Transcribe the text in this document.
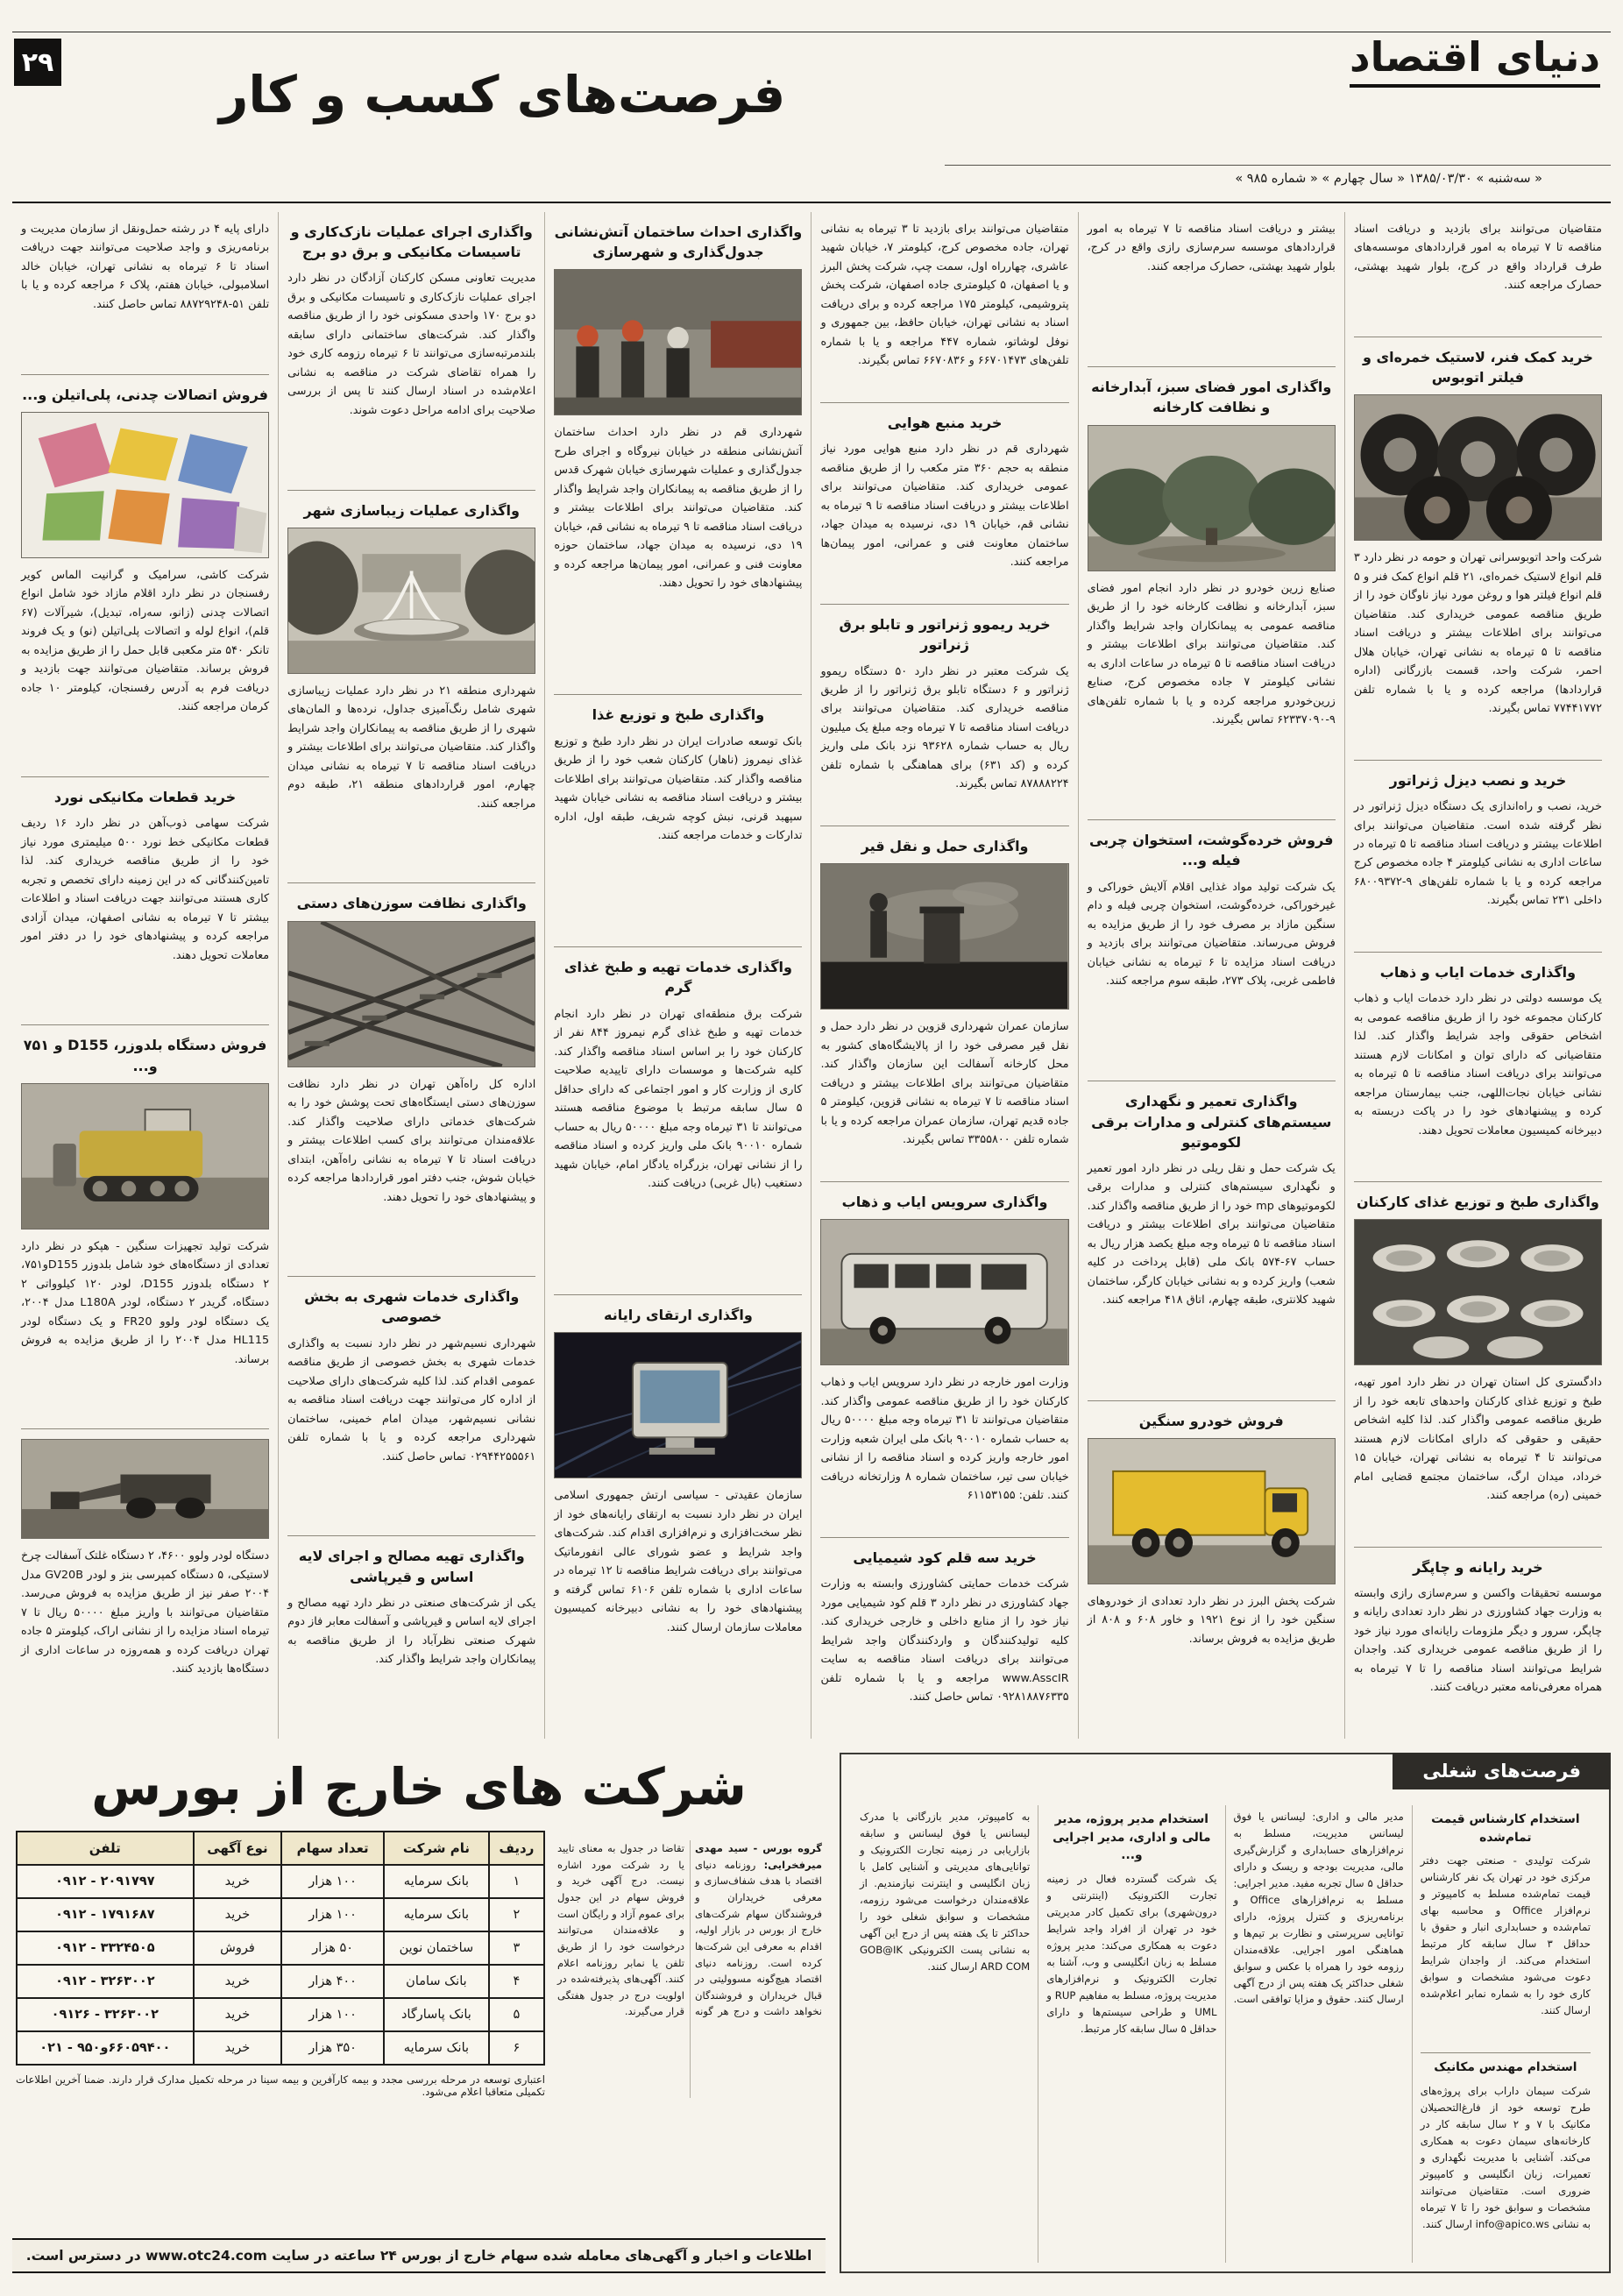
۲۹	دنیای اقتصاد
فرصت‌های کسب و کار
« سه‌شنبه » ۱۳۸۵/۰۳/۳۰ « سال چهارم » « شماره ۹۸۵ »

متقاضیان می‌توانند برای بازدید و دریافت اسناد مناقصه تا ۷ تیرماه به امور قراردادهای موسسه‌های طرف قرارداد واقع در کرج، بلوار شهید بهشتی، حصارک مراجعه کنند.

خرید کمک فنر، لاستیک خمره‌ای و فیلتر اتوبوس

شرکت واحد اتوبوسرانی تهران و حومه در نظر دارد ۳ قلم انواع لاستیک خمره‌ای، ۲۱ قلم انواع کمک فنر و ۵ قلم انواع فیلتر هوا و روغن مورد نیاز ناوگان خود را از طریق مناقصه عمومی خریداری کند. متقاضیان می‌توانند برای اطلاعات بیشتر و دریافت اسناد مناقصه تا ۵ تیرماه به نشانی تهران، خیابان هلال احمر، شرکت واحد، قسمت بازرگانی (اداره قراردادها) مراجعه کرده و یا با شماره تلفن ۷۷۴۴۱۷۷۲ تماس بگیرند.

خرید و نصب دیزل ژنراتور

خرید، نصب و راه‌اندازی یک دستگاه دیزل ژنراتور در نظر گرفته شده است. متقاضیان می‌توانند برای اطلاعات بیشتر و دریافت اسناد مناقصه تا ۵ تیرماه در ساعات اداری به نشانی کیلومتر ۴ جاده مخصوص کرج مراجعه کرده و یا با شماره تلفن‌های ۹-۶۸۰۰۹۳۷۲ داخلی ۲۳۱ تماس بگیرند.

واگذاری خدمات ایاب و ذهاب

یک موسسه دولتی در نظر دارد خدمات ایاب و ذهاب کارکنان مجموعه خود را از طریق مناقصه عمومی به اشخاص حقوقی واجد شرایط واگذار کند. لذا متقاضیانی که دارای توان و امکانات لازم هستند می‌توانند برای دریافت اسناد مناقصه تا ۵ تیرماه به نشانی خیابان نجات‌اللهی، جنب بیمارستان مراجعه کرده و پیشنهادهای خود را در پاکت دربسته به دبیرخانه کمیسیون معاملات تحویل دهند.

واگذاری طبخ و توزیع غذای کارکنان

دادگستری کل استان تهران در نظر دارد امور تهیه، طبخ و توزیع غذای کارکنان واحدهای تابعه خود را از طریق مناقصه عمومی واگذار کند. لذا کلیه اشخاص حقیقی و حقوقی که دارای امکانات لازم هستند می‌توانند تا ۴ تیرماه به نشانی تهران، خیابان ۱۵ خرداد، میدان ارگ، ساختمان مجتمع قضایی امام خمینی (ره) مراجعه کنند.

خرید رایانه و چاپگر

موسسه تحقیقات واکسن و سرم‌سازی رازی وابسته به وزارت جهاد کشاورزی در نظر دارد تعدادی رایانه و چاپگر، سرور و دیگر ملزومات رایانه‌ای مورد نیاز خود را از طریق مناقصه عمومی خریداری کند. واجدان شرایط می‌توانند اسناد مناقصه را تا ۷ تیرماه به همراه معرفی‌نامه معتبر دریافت کنند.

بیشتر و دریافت اسناد مناقصه تا ۷ تیرماه به امور قراردادهای موسسه سرم‌سازی رازی واقع در کرج، بلوار شهید بهشتی، حصارک مراجعه کنند.

واگذاری امور فضای سبز، آبدارخانه و نظافت کارخانه

صنایع زرین خودرو در نظر دارد انجام امور فضای سبز، آبدارخانه و نظافت کارخانه خود را از طریق مناقصه عمومی به پیمانکاران واجد شرایط واگذار کند. متقاضیان می‌توانند برای اطلاعات بیشتر و دریافت اسناد مناقصه تا ۵ تیرماه در ساعات اداری به نشانی کیلومتر ۷ جاده مخصوص کرج، صنایع زرین‌خودرو مراجعه کرده و یا با شماره تلفن‌های ۹-۶۲۳۳۷۰۹۰ تماس بگیرند.

فروش خرده‌گوشت، استخوان چربی فیله و...

یک شرکت تولید مواد غذایی اقلام آلایش خوراکی و غیرخوراکی، خرده‌گوشت، استخوان چربی فیله و دام سنگین مازاد بر مصرف خود را از طریق مزایده به فروش می‌رساند. متقاضیان می‌توانند برای بازدید و دریافت اسناد مزایده تا ۶ تیرماه به نشانی خیابان فاطمی غربی، پلاک ۲۷۳، طبقه سوم مراجعه کنند.

واگذاری تعمیر و نگهداری سیستم‌های کنترلی و مدارات برقی لکوموتیو

یک شرکت حمل و نقل ریلی در نظر دارد امور تعمیر و نگهداری سیستم‌های کنترلی و مدارات برقی لکوموتیوهای mp خود را از طریق مناقصه واگذار کند. متقاضیان می‌توانند برای اطلاعات بیشتر و دریافت اسناد مناقصه تا ۵ تیرماه وجه مبلغ یکصد هزار ریال به حساب ۶۷-۵۷۴ بانک ملی (قابل پرداخت در کلیه شعب) واریز کرده و به نشانی خیابان کارگر، ساختمان شهید کلانتری، طبقه چهارم، اتاق ۴۱۸ مراجعه کنند.

فروش خودرو سنگین

شرکت پخش البرز در نظر دارد تعدادی از خودروهای سنگین خود را از نوع ۱۹۲۱ و خاور ۶۰۸ و ۸۰۸ از طریق مزایده به فروش برساند.

متقاضیان می‌توانند برای بازدید تا ۳ تیرماه به نشانی تهران، جاده مخصوص کرج، کیلومتر ۷، خیابان شهید عاشری، چهارراه اول، سمت چپ، شرکت پخش البرز و یا اصفهان، ۵ کیلومتری جاده اصفهان، شرکت پخش پتروشیمی، کیلومتر ۱۷۵ مراجعه کرده و برای دریافت اسناد به نشانی تهران، خیابان حافظ، بین جمهوری و نوفل لوشاتو، شماره ۴۴۷ مراجعه و یا با شماره تلفن‌های ۶۶۷۰۱۴۷۳ و ۶۶۷۰۸۳۶ تماس بگیرند.

خرید منبع هوایی

شهرداری قم در نظر دارد منبع هوایی مورد نیاز منطقه به حجم ۳۶۰ متر مکعب را از طریق مناقصه عمومی خریداری کند. متقاضیان می‌توانند برای اطلاعات بیشتر و دریافت اسناد مناقصه تا ۹ تیرماه به نشانی قم، خیابان ۱۹ دی، نرسیده به میدان جهاد، ساختمان معاونت فنی و عمرانی، امور پیمان‌ها مراجعه کنند.

خرید ریموو ژنراتور و تابلو برق ژنراتور

یک شرکت معتبر در نظر دارد ۵۰ دستگاه ریموو ژنراتور و ۶ دستگاه تابلو برق ژنراتور را از طریق مناقصه خریداری کند. متقاضیان می‌توانند برای دریافت اسناد مناقصه تا ۷ تیرماه وجه مبلغ یک میلیون ریال به حساب شماره ۹۳۶۲۸ نزد بانک ملی واریز کرده و (کد ۶۳۱) برای هماهنگی با شماره تلفن ۸۷۸۸۸۲۲۴ تماس بگیرند.

واگذاری حمل و نقل قیر

سازمان عمران شهرداری قزوین در نظر دارد حمل و نقل قیر مصرفی خود را از پالایشگاه‌های کشور به محل کارخانه آسفالت این سازمان واگذار کند. متقاضیان می‌توانند برای اطلاعات بیشتر و دریافت اسناد مناقصه تا ۷ تیرماه به نشانی قزوین، کیلومتر ۵ جاده قدیم تهران، سازمان عمران مراجعه کرده و یا با شماره تلفن ۳۳۵۵۸۰۰ تماس بگیرند.

واگذاری سرویس ایاب و ذهاب

وزارت امور خارجه در نظر دارد سرویس ایاب و ذهاب کارکنان خود را از طریق مناقصه عمومی واگذار کند. متقاضیان می‌توانند تا ۳۱ تیرماه وجه مبلغ ۵۰۰۰۰ ریال به حساب شماره ۹۰۰۱۰ بانک ملی ایران شعبه وزارت امور خارجه واریز کرده و اسناد مناقصه را از نشانی خیابان سی تیر، ساختمان شماره ۸ وزارتخانه دریافت کنند. تلفن: ۶۱۱۵۳۱۵۵

خرید سه قلم کود شیمیایی

شرکت خدمات حمایتی کشاورزی وابسته به وزارت جهاد کشاورزی در نظر دارد ۳ قلم کود شیمیایی مورد نیاز خود را از منابع داخلی و خارجی خریداری کند. کلیه تولیدکنندگان و واردکنندگان واجد شرایط می‌توانند برای دریافت اسناد مناقصه به سایت www.AsscIR مراجعه و یا با شماره تلفن ۰۹۲۸۱۸۸۷۶۳۳۵ تماس حاصل کنند.

واگذاری احداث ساختمان آتش‌نشانی جدول‌گذاری و شهرسازی

شهرداری قم در نظر دارد احداث ساختمان آتش‌نشانی منطقه در خیابان نیروگاه و اجرای طرح جدول‌گذاری و عملیات شهرسازی خیابان شهرک قدس را از طریق مناقصه به پیمانکاران واجد شرایط واگذار کند. متقاضیان می‌توانند برای اطلاعات بیشتر و دریافت اسناد مناقصه تا ۹ تیرماه به نشانی قم، خیابان ۱۹ دی، نرسیده به میدان جهاد، ساختمان حوزه معاونت فنی و عمرانی، امور پیمان‌ها مراجعه کرده و پیشنهادهای خود را تحویل دهند.

واگذاری طبخ و توزیع غذا

بانک توسعه صادرات ایران در نظر دارد طبخ و توزیع غذای نیمروز (ناهار) کارکنان شعب خود را از طریق مناقصه واگذار کند. متقاضیان می‌توانند برای اطلاعات بیشتر و دریافت اسناد مناقصه به نشانی خیابان شهید سپهبد قرنی، نبش کوچه شریف، طبقه اول، اداره تدارکات و خدمات مراجعه کنند.

واگذاری خدمات تهیه و طبخ غذای گرم

شرکت برق منطقه‌ای تهران در نظر دارد انجام خدمات تهیه و طبخ غذای گرم نیمروز ۸۴۴ نفر از کارکنان خود را بر اساس اسناد مناقصه واگذار کند. کلیه شرکت‌ها و موسسات دارای تاییدیه صلاحیت کاری از وزارت کار و امور اجتماعی که دارای حداقل ۵ سال سابقه مرتبط با موضوع مناقصه هستند می‌توانند تا ۳۱ تیرماه وجه مبلغ ۵۰۰۰۰ ریال به حساب شماره ۹۰۰۱۰ بانک ملی واریز کرده و اسناد مناقصه را از نشانی تهران، بزرگراه یادگار امام، خیابان شهید دستغیب (بال غربی) دریافت کنند.

واگذاری ارتقای رایانه

سازمان عقیدتی - سیاسی ارتش جمهوری اسلامی ایران در نظر دارد نسبت به ارتقای رایانه‌های خود از نظر سخت‌افزاری و نرم‌افزاری اقدام کند. شرکت‌های واجد شرایط و عضو شورای عالی انفورماتیک می‌توانند برای دریافت شرایط مناقصه تا ۱۲ تیرماه در ساعات اداری با شماره تلفن ۶۱۰۶ تماس گرفته و پیشنهادهای خود را به نشانی دبیرخانه کمیسیون معاملات سازمان ارسال کنند.

واگذاری اجرای عملیات نازک‌کاری و تاسیسات مکانیکی و برق دو برج

مدیریت تعاونی مسکن کارکنان آزادگان در نظر دارد اجرای عملیات نازک‌کاری و تاسیسات مکانیکی و برق دو برج ۱۷۰ واحدی مسکونی خود را از طریق مناقصه واگذار کند. شرکت‌های ساختمانی دارای سابقه بلندمرتبه‌سازی می‌توانند تا ۶ تیرماه رزومه کاری خود را همراه تقاضای شرکت در مناقصه به نشانی اعلام‌شده در اسناد ارسال کنند تا پس از بررسی صلاحیت برای ادامه مراحل دعوت شوند.

واگذاری عملیات زیباسازی شهر

شهرداری منطقه ۲۱ در نظر دارد عملیات زیباسازی شهری شامل رنگ‌آمیزی جداول، نرده‌ها و المان‌های شهری را از طریق مناقصه به پیمانکاران واجد شرایط واگذار کند. متقاضیان می‌توانند برای اطلاعات بیشتر و دریافت اسناد مناقصه تا ۷ تیرماه به نشانی میدان چهارم، امور قراردادهای منطقه ۲۱، طبقه دوم مراجعه کنند.

واگذاری نظافت سوزن‌های دستی

اداره کل راه‌آهن تهران در نظر دارد نظافت سوزن‌های دستی ایستگاه‌های تحت پوشش خود را به شرکت‌های خدماتی دارای صلاحیت واگذار کند. علاقه‌مندان می‌توانند برای کسب اطلاعات بیشتر و دریافت اسناد تا ۷ تیرماه به نشانی راه‌آهن، ابتدای خیابان شوش، جنب دفتر امور قراردادها مراجعه کرده و پیشنهادهای خود را تحویل دهند.

واگذاری خدمات شهری به بخش خصوصی

شهرداری نسیم‌شهر در نظر دارد نسبت به واگذاری خدمات شهری به بخش خصوصی از طریق مناقصه عمومی اقدام کند. لذا کلیه شرکت‌های دارای صلاحیت از اداره کار می‌توانند جهت دریافت اسناد مناقصه به نشانی نسیم‌شهر، میدان امام خمینی، ساختمان شهرداری مراجعه کرده و یا با شماره تلفن ۰۲۹۴۴۲۵۵۵۶۱ تماس حاصل کنند.

واگذاری تهیه مصالح و اجرای لایه اساس و قیرپاشی

یکی از شرکت‌های صنعتی در نظر دارد تهیه مصالح و اجرای لایه اساس و قیرپاشی و آسفالت معابر فاز دوم شهرک صنعتی نظرآباد را از طریق مناقصه به پیمانکاران واجد شرایط واگذار کند.

دارای پایه ۴ در رشته حمل‌ونقل از سازمان مدیریت و برنامه‌ریزی و واجد صلاحیت می‌توانند جهت دریافت اسناد تا ۶ تیرماه به نشانی تهران، خیابان خالد اسلامبولی، خیابان هفتم، پلاک ۶ مراجعه کرده و یا با تلفن ۵۱-۸۸۷۲۹۲۴۸ تماس حاصل کنند.

فروش اتصالات چدنی، پلی‌اتیلن و...

شرکت کاشی، سرامیک و گرانیت الماس کویر رفسنجان در نظر دارد اقلام مازاد خود شامل انواع اتصالات چدنی (زانو، سه‌راه، تبدیل)، شیرآلات (۶۷ قلم)، انواع لوله و اتصالات پلی‌اتیلن (نو) و یک فروند تانکر ۵۴۰ متر مکعبی قابل حمل را از طریق مزایده به فروش برساند. متقاضیان می‌توانند جهت بازدید و دریافت فرم به آدرس رفسنجان، کیلومتر ۱۰ جاده کرمان مراجعه کنند.

خرید قطعات مکانیکی نورد

شرکت سهامی ذوب‌آهن در نظر دارد ۱۶ ردیف قطعات مکانیکی خط نورد ۵۰۰ میلیمتری مورد نیاز خود را از طریق مناقصه خریداری کند. لذا تامین‌کنندگانی که در این زمینه دارای تخصص و تجربه کاری هستند می‌توانند جهت دریافت اسناد و اطلاعات بیشتر تا ۷ تیرماه به نشانی اصفهان، میدان آزادی مراجعه کرده و پیشنهادهای خود را در دفتر امور معاملات تحویل دهند.

فروش دستگاه بلدوزر، D155 و ۷۵۱ و...

شرکت تولید تجهیزات سنگین - هپکو در نظر دارد تعدادی از دستگاه‌های خود شامل بلدوزر D155و۷۵۱، ۲ دستگاه بلدوزر D155، لودر ۱۲۰ کیلوواتی ۲ دستگاه، گریدر ۲ دستگاه، لودر L180A مدل ۲۰۰۴، یک دستگاه لودر ولوو FR20 و یک دستگاه لودر HL115 مدل ۲۰۰۴ را از طریق مزایده به فروش برساند.

دستگاه لودر ولوو ۴۶۰۰، ۲ دستگاه غلتک آسفالت چرخ لاستیکی، ۵ دستگاه کمپرسی بنز و لودر GV20B مدل ۲۰۰۴ صفر نیز از طریق مزایده به فروش می‌رسد. متقاضیان می‌توانند با واریز مبلغ ۵۰۰۰۰ ریال تا ۷ تیرماه اسناد مزایده را از نشانی اراک، کیلومتر ۵ جاده تهران دریافت کرده و همه‌روزه در ساعات اداری از دستگاه‌ها بازدید کنند.

فرصت‌های شغلی
استخدام کارشناس قیمت تمام‌شده

شرکت تولیدی - صنعتی جهت دفتر مرکزی خود در تهران یک نفر کارشناس قیمت تمام‌شده مسلط به کامپیوتر و نرم‌افزار Office و محاسبه بهای تمام‌شده و حسابداری انبار و حقوق با حداقل ۳ سال سابقه کار مرتبط استخدام می‌کند. از واجدان شرایط دعوت می‌شود مشخصات و سوابق کاری خود را به شماره نمابر اعلام‌شده ارسال کنند.

استخدام مهندس مکانیک

شرکت سیمان داراب برای پروژه‌های طرح توسعه خود از فارغ‌التحصیلان مکانیک با ۷ و ۲ سال سابقه کار در کارخانه‌های سیمان دعوت به همکاری می‌کند. آشنایی با مدیریت نگهداری و تعمیرات، زبان انگلیسی و کامپیوتر ضروری است. متقاضیان می‌توانند مشخصات و سوابق خود را تا ۷ تیرماه به نشانی info@apico.ws ارسال کنند.

مدیر مالی و اداری: لیسانس یا فوق لیسانس مدیریت، مسلط به نرم‌افزارهای حسابداری و گزارش‌گیری مالی، مدیریت بودجه و ریسک و دارای حداقل ۵ سال تجربه مفید. مدیر اجرایی: مسلط به نرم‌افزارهای Office و برنامه‌ریزی و کنترل پروژه، دارای توانایی سرپرستی و نظارت بر تیم‌ها و هماهنگی امور اجرایی. علاقه‌مندان رزومه خود را همراه با عکس و سوابق شغلی حداکثر یک هفته پس از درج آگهی ارسال کنند. حقوق و مزایا توافقی است.

استخدام مدیر پروژه، مدیر مالی و اداری، مدیر اجرایی و...

یک شرکت گسترده فعال در زمینه تجارت الکترونیک (اینترنتی و درون‌شهری) برای تکمیل کادر مدیریتی خود در تهران از افراد واجد شرایط دعوت به همکاری می‌کند: مدیر پروژه مسلط به زبان انگلیسی و وب، آشنا به تجارت الکترونیک و نرم‌افزارهای مدیریت پروژه، مسلط به مفاهیم RUP و UML و طراحی سیستم‌ها و دارای حداقل ۵ سال سابقه کار مرتبط.

به کامپیوتر، مدیر بازرگانی با مدرک لیسانس یا فوق لیسانس و سابقه بازاریابی در زمینه تجارت الکترونیک و توانایی‌های مدیریتی و آشنایی کامل با زبان انگلیسی و اینترنت نیازمندیم. از علاقه‌مندان درخواست می‌شود رزومه، مشخصات و سوابق شغلی خود را حداکثر تا یک هفته پس از درج این آگهی به نشانی پست الکترونیکی GOB@IK ARD COM ارسال کنند.

شرکت های خارج از بورس

گروه بورس - سید مهدی میرفخرایی: روزنامه دنیای اقتصاد با هدف شفاف‌سازی و معرفی خریداران و فروشندگان سهام شرکت‌های خارج از بورس در بازار اولیه، اقدام به معرفی این شرکت‌ها کرده است. روزنامه دنیای اقتصاد هیچ‌گونه مسوولیتی در قبال خریداران و فروشندگان نخواهد داشت و درج هر گونه تقاضا در جدول به معنای تایید یا رد شرکت مورد اشاره نیست. درج آگهی خرید و فروش سهام در این جدول برای عموم آزاد و رایگان است و علاقه‌مندان می‌توانند درخواست خود را از طریق تلفن یا نمابر روزنامه اعلام کنند. آگهی‌های پذیرفته‌شده در اولویت درج در جدول هفتگی قرار می‌گیرند.

ردیف	نام شرکت	تعداد سهام	نوع آگهی	تلفن
۱	بانک سرمایه	۱۰۰ هزار	خرید	۲۰۹۱۷۹۷ - ۰۹۱۲
۲	بانک سرمایه	۱۰۰ هزار	خرید	۱۷۹۱۶۸۷ - ۰۹۱۲
۳	ساختمان نوین	۵۰ هزار	فروش	۳۳۲۴۵۰۵ - ۰۹۱۲
۴	بانک سامان	۴۰۰ هزار	خرید	۳۲۶۳۰۰۲ - ۰۹۱۲
۵	بانک پاسارگاد	۱۰۰ هزار	خرید	۳۲۶۳۰۰۲ - ۰۹۱۲۶
۶	بانک سرمایه	۳۵۰ هزار	خرید	۶۶۰۵۹۴۰۰و۹۵۰ - ۰۲۱

اعتباری توسعه در مرحله بررسی مجدد و بیمه کارآفرین و بیمه سینا در مرحله تکمیل مدارک قرار دارند. ضمنا آخرین اطلاعات تکمیلی متعاقبا اعلام می‌شود.

اطلاعات و اخبار و آگهی‌های معامله شده سهام خارج از بورس ۲۴ ساعته در سایت www.otc24.com در دسترس است.
